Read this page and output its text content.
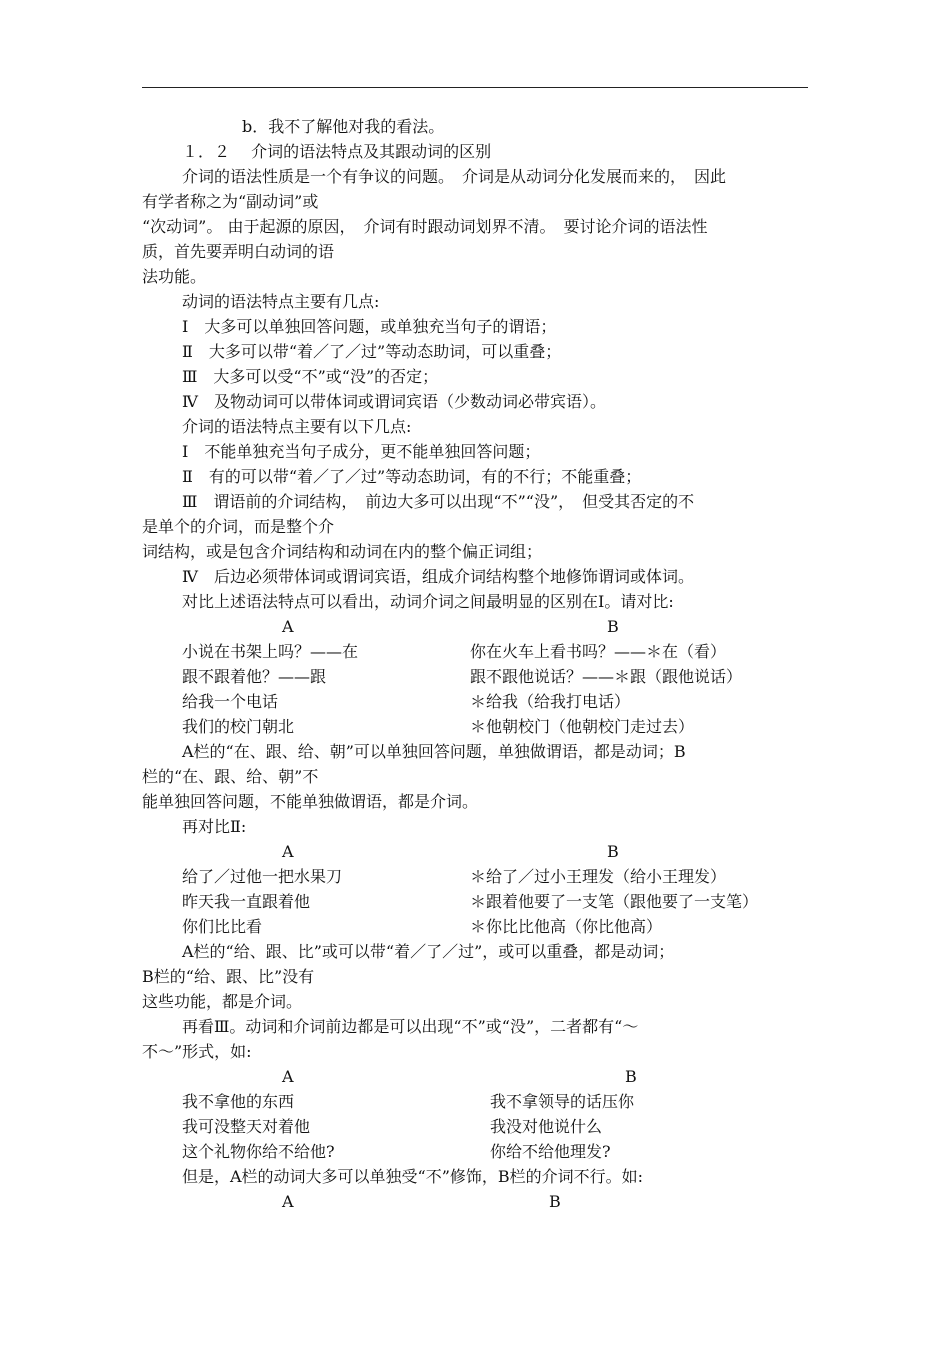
b．我不了解他对我的看法。
１．２　 介词的语法特点及其跟动词的区别
介词的语法性质是一个有争议的问题。　介词是从动词分化发展而来的，　因此
有学者称之为“副动词”或
“次动词”。 由于起源的原因，　介词有时跟动词划界不清。　要讨论介词的语法性
质，首先要弄明白动词的语
法功能。
动词的语法特点主要有几点:
Ⅰ　大多可以单独回答问题，或单独充当句子的谓语；
Ⅱ　大多可以带“着／了／过”等动态助词，可以重叠；
Ⅲ　大多可以受“不”或“没”的否定；
Ⅳ　及物动词可以带体词或谓词宾语（少数动词必带宾语）。
介词的语法特点主要有以下几点:
Ⅰ　不能单独充当句子成分，更不能单独回答问题；
Ⅱ　有的可以带“着／了／过”等动态助词，有的不行；不能重叠；
Ⅲ　谓语前的介词结构，　前边大多可以出现“不”“没”，　但受其否定的不
是单个的介词，而是整个介
词结构，或是包含介词结构和动词在内的整个偏正词组；
Ⅳ　后边必须带体词或谓词宾语，组成介词结构整个地修饰谓词或体词。
对比上述语法特点可以看出，动词介词之间最明显的区别在Ⅰ。请对比:
A	B
小说在书架上吗？——在	你在火车上看书吗？——＊在（看）
跟不跟着他？——跟	跟不跟他说话？——＊跟（跟他说话）
给我一个电话	＊给我（给我打电话）
我们的校门朝北	＊他朝校门（他朝校门走过去）
A栏的“在、跟、给、朝”可以单独回答问题，单独做谓语，都是动词；B
栏的“在、跟、给、朝”不
能单独回答问题，不能单独做谓语，都是介词。
再对比Ⅱ:
A	B
给了／过他一把水果刀	＊给了／过小王理发（给小王理发）
昨天我一直跟着他	＊跟着他要了一支笔（跟他要了一支笔）
你们比比看	＊你比比他高（你比他高）
A栏的“给、跟、比”或可以带“着／了／过”，或可以重叠，都是动词；
B栏的“给、跟、比”没有
这些功能，都是介词。
再看Ⅲ。动词和介词前边都是可以出现“不”或“没”，二者都有“～
不～”形式，如:
A	B
我不拿他的东西	我不拿领导的话压你
我可没整天对着他	我没对他说什么
这个礼物你给不给他?	你给不给他理发?
但是，A栏的动词大多可以单独受“不”修饰，B栏的介词不行。如:
A	B
